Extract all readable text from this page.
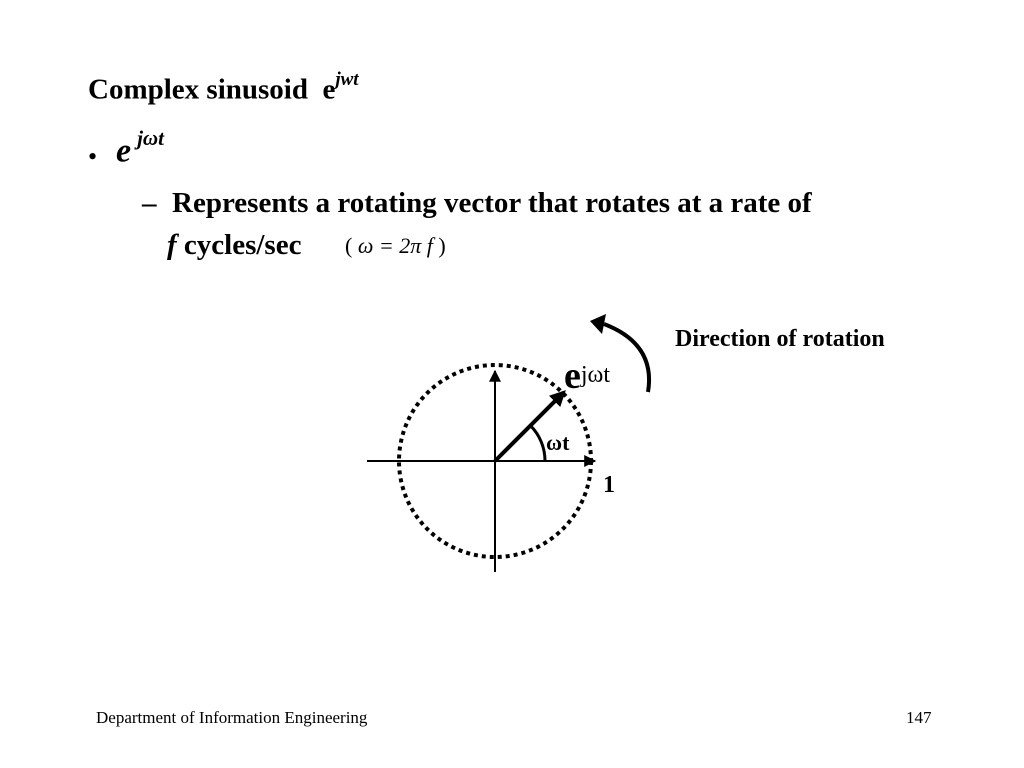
Complex sinusoid $e^{jwt}$
• e $^{j\omega t}$
– Represents a rotating vector that rotates at a rate of
f cycles/sec ( ω = 2π f )
ejωt
ωt
1
Direction of rotation
Department of Information Engineering	147
